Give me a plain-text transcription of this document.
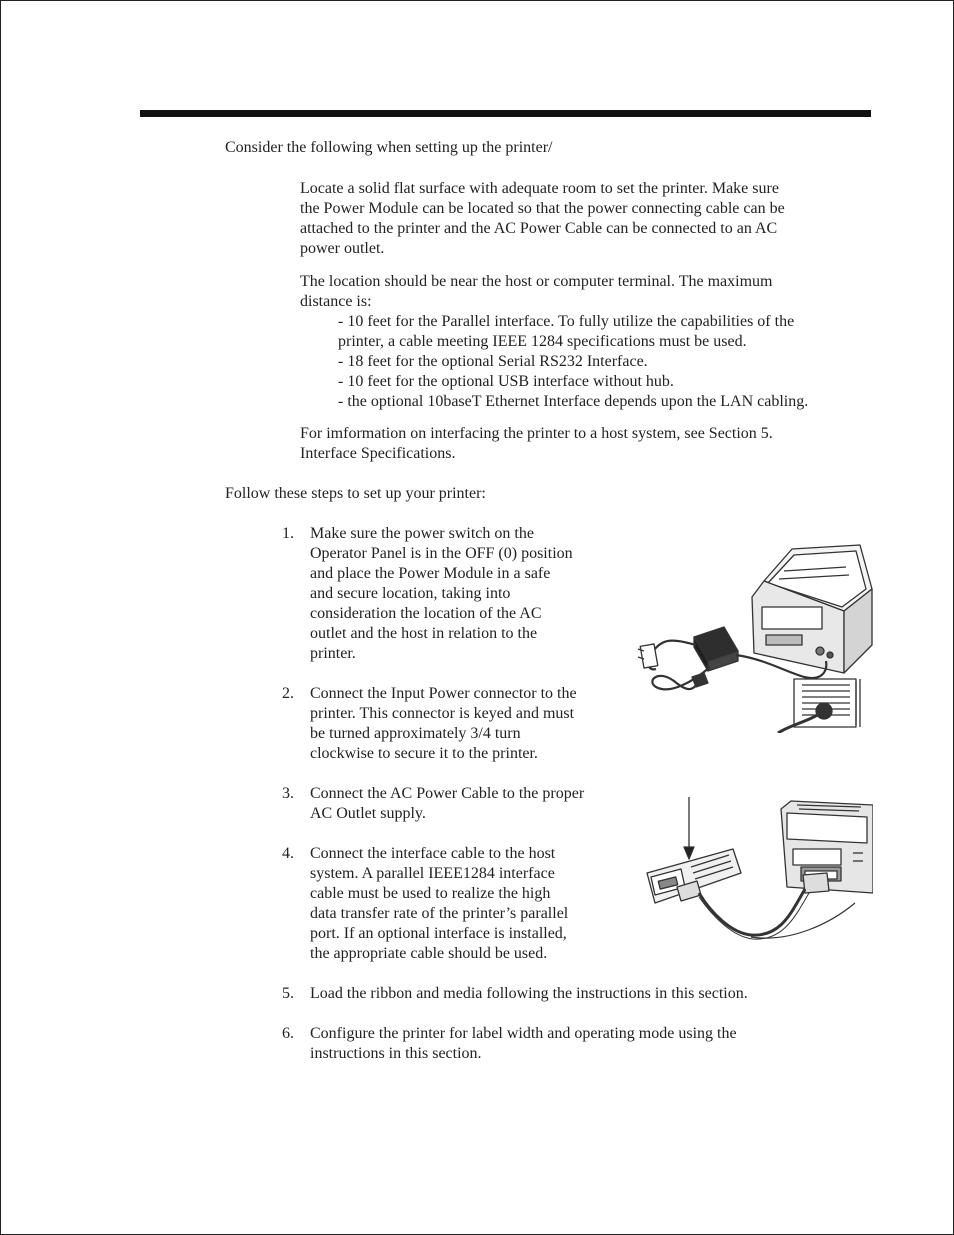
Consider the following when setting up the printer/
Locate a solid flat surface with adequate room to set the printer. Make sure
the Power Module can be located so that the power connecting cable can be
attached to the printer and the AC Power Cable can be connected to an AC
power outlet.
The location should be near the host or computer terminal. The maximum
distance is:
- 10 feet for the Parallel interface. To fully utilize the capabilities of the
printer, a cable meeting IEEE 1284 specifications must be used.
- 18 feet for the optional Serial RS232 Interface.
- 10 feet for the optional USB interface without hub.
- the optional 10baseT Ethernet Interface depends upon the LAN cabling.
For imformation on interfacing the printer to a host system, see Section 5.
Interface Specifications.
Follow these steps to set up your printer:
1.	Make sure the power switch on the
Operator Panel is in the OFF (0) position
and place the Power Module in a safe
and secure location, taking into
consideration the location of the AC
outlet and the host in relation to the
printer.
2.	Connect the Input Power connector to the
printer. This connector is keyed and must
be turned approximately 3/4 turn
clockwise to secure it to the printer.
3.	Connect the AC Power Cable to the proper
AC Outlet supply.
4.	Connect the interface cable to the host
system. A parallel IEEE1284 interface
cable must be used to realize the high
data transfer rate of the printer’s parallel
port. If an optional interface is installed,
the appropriate cable should be used.
5.	Load the ribbon and media following the instructions in this section.
6.	Configure the printer for label width and operating mode using the
instructions in this section.
